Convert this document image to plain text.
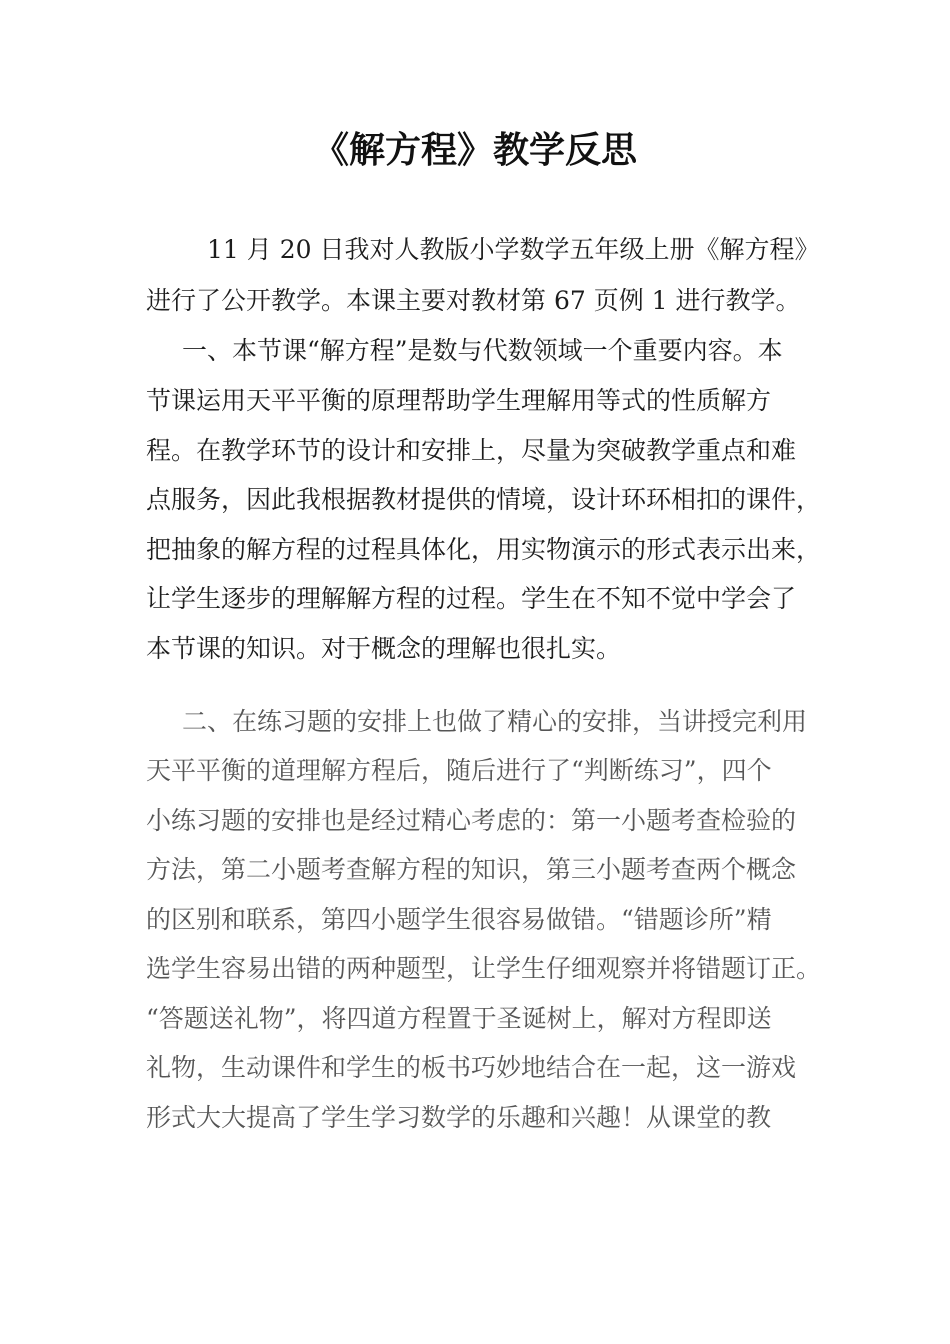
《解方程》教学反思
11 月 20 日我对人教版小学数学五年级上册《解方程》
进行了公开教学。本课主要对教材第 67 页例 1 进行教学。
一、本节课“解方程”是数与代数领域一个重要内容。本
节课运用天平平衡的原理帮助学生理解用等式的性质解方
程。在教学环节的设计和安排上，尽量为突破教学重点和难
点服务，因此我根据教材提供的情境，设计环环相扣的课件，
把抽象的解方程的过程具体化，用实物演示的形式表示出来，
让学生逐步的理解解方程的过程。学生在不知不觉中学会了
本节课的知识。对于概念的理解也很扎实。
二、在练习题的安排上也做了精心的安排，当讲授完利用
天平平衡的道理解方程后，随后进行了“判断练习”，四个
小练习题的安排也是经过精心考虑的：第一小题考查检验的
方法，第二小题考查解方程的知识，第三小题考查两个概念
的区别和联系，第四小题学生很容易做错。“错题诊所”精
选学生容易出错的两种题型，让学生仔细观察并将错题订正。
“答题送礼物”，将四道方程置于圣诞树上，解对方程即送
礼物，生动课件和学生的板书巧妙地结合在一起，这一游戏
形式大大提高了学生学习数学的乐趣和兴趣！从课堂的教
